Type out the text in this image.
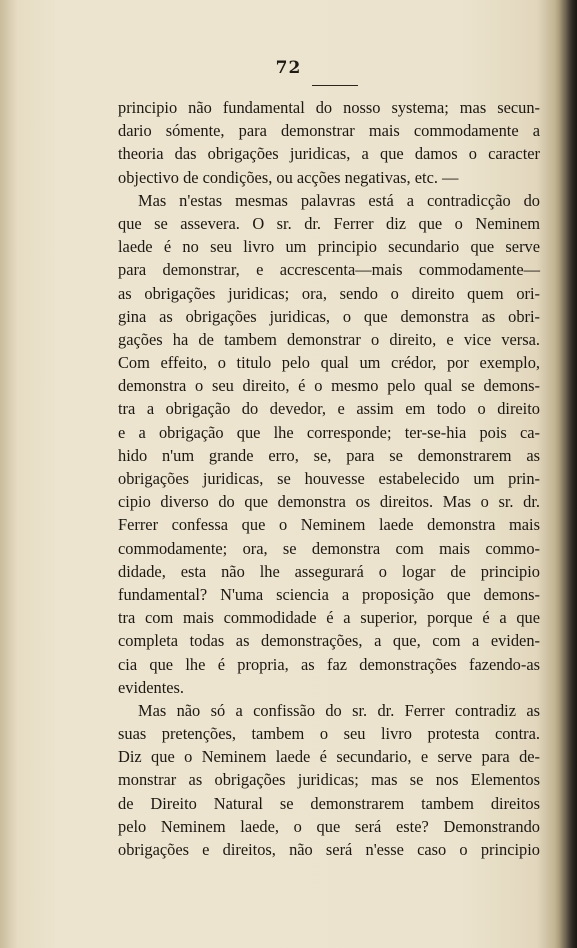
72
principio não fundamental do nosso systema; mas secun-
dario sómente, para demonstrar mais commodamente a
theoria das obrigações juridicas, a que damos o caracter
objectivo de condições, ou acções negativas, etc. —
Mas n'estas mesmas palavras está a contradicção do
que se assevera. O sr. dr. Ferrer diz que o Neminem
laede é no seu livro um principio secundario que serve
para demonstrar, e accrescenta—mais commodamente—
as obrigações juridicas; ora, sendo o direito quem ori-
gina as obrigações juridicas, o que demonstra as obri-
gações ha de tambem demonstrar o direito, e vice versa.
Com effeito, o titulo pelo qual um crédor, por exemplo,
demonstra o seu direito, é o mesmo pelo qual se demons-
tra a obrigação do devedor, e assim em todo o direito
e a obrigação que lhe corresponde; ter-se-hia pois ca-
hido n'um grande erro, se, para se demonstrarem as
obrigações juridicas, se houvesse estabelecido um prin-
cipio diverso do que demonstra os direitos. Mas o sr. dr.
Ferrer confessa que o Neminem laede demonstra mais
commodamente; ora, se demonstra com mais commo-
didade, esta não lhe assegurará o logar de principio
fundamental? N'uma sciencia a proposição que demons-
tra com mais commodidade é a superior, porque é a que
completa todas as demonstrações, a que, com a eviden-
cia que lhe é propria, as faz demonstrações fazendo-as
evidentes.
Mas não só a confissão do sr. dr. Ferrer contradiz as
suas pretenções, tambem o seu livro protesta contra.
Diz que o Neminem laede é secundario, e serve para de-
monstrar as obrigações juridicas; mas se nos Elementos
de Direito Natural se demonstrarem tambem direitos
pelo Neminem laede, o que será este? Demonstrando
obrigações e direitos, não será n'esse caso o principio
